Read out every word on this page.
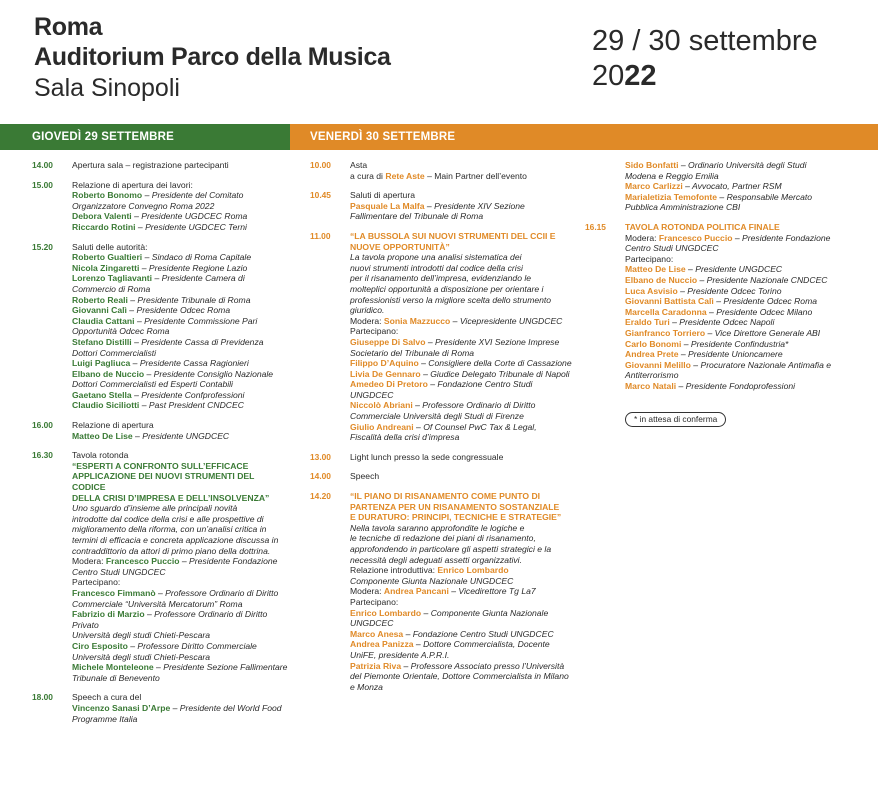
Roma
Auditorium Parco della Musica
Sala Sinopoli
29 / 30 settembre
2022
GIOVEDÌ 29 SETTEMBRE	VENERDÌ 30 SETTEMBRE
14.00 Apertura sala – registrazione partecipanti
15.00 Relazione di apertura dei lavori:
Roberto Bonomo – Presidente del Comitato
Organizzatore Convegno Roma 2022
Debora Valenti – Presidente UGDCEC Roma
Riccardo Rotini – Presidente UGDCEC Terni
15.20 Saluti delle autorità:
Roberto Gualtieri – Sindaco di Roma Capitale
Nicola Zingaretti – Presidente Regione Lazio
Lorenzo Tagliavanti – Presidente Camera di
Commercio di Roma
Roberto Reali – Presidente Tribunale di Roma
Giovanni Calì – Presidente Odcec Roma
Claudia Cattani – Presidente Commissione Pari
Opportunità Odcec Roma
Stefano Distilli – Presidente Cassa di Previdenza
Dottori Commercialisti
Luigi Pagliuca – Presidente Cassa Ragionieri
Elbano de Nuccio – Presidente Consiglio Nazionale
Dottori Commercialisti ed Esperti Contabili
Gaetano Stella – Presidente Confprofessioni
Claudio Siciliotti – Past President CNDCEC
16.00 Relazione di apertura
Matteo De Lise – Presidente UNGDCEC
16.30 Tavola rotonda
“ESPERTI A CONFRONTO SULL’EFFICACE
APPLICAZIONE DEI NUOVI STRUMENTI DEL CODICE
DELLA CRISI D’IMPRESA E DELL’INSOLVENZA”
Uno sguardo d’insieme alle principali novità
introdotte dal codice della crisi e alle prospettive di
miglioramento della riforma, con un’analisi critica in
termini di efficacia e concreta applicazione discussa in
contraddittorio da attori di primo piano della dottrina.
Modera: Francesco Puccio – Presidente Fondazione
Centro Studi UNGDCEC
Partecipano:
Francesco Fimmanò – Professore Ordinario di Diritto
Commerciale “Università Mercatorum” Roma
Fabrizio di Marzio – Professore Ordinario di Diritto Privato
Università degli studi Chieti-Pescara
Ciro Esposito – Professore Diritto Commerciale
Università degli studi Chieti-Pescara
Michele Monteleone – Presidente Sezione Fallimentare
Tribunale di Benevento
18.00 Speech a cura del
Vincenzo Sanasi D’Arpe – Presidente del World Food
Programme Italia
10.00 Asta
a cura di Rete Aste – Main Partner dell’evento
10.45 Saluti di apertura
Pasquale La Malfa – Presidente XIV Sezione
Fallimentare del Tribunale di Roma
11.00 “LA BUSSOLA SUI NUOVI STRUMENTI DEL CCII E
NUOVE OPPORTUNITÀ”
La tavola propone una analisi sistematica dei
nuovi strumenti introdotti dal codice della crisi
per il risanamento dell’impresa, evidenziando le
molteplici opportunità a disposizione per orientare i
professionisti verso la migliore scelta dello strumento
giuridico.
Modera: Sonia Mazzucco – Vicepresidente UNGDCEC
Partecipano:
Giuseppe Di Salvo – Presidente XVI Sezione Imprese
Societario del Tribunale di Roma
Filippo D’Aquino – Consigliere della Corte di Cassazione
Livia De Gennaro – Giudice Delegato Tribunale di Napoli
Amedeo Di Pretoro – Fondazione Centro Studi
UNGDCEC
Niccolò Abriani – Professore Ordinario di Diritto
Commerciale Università degli Studi di Firenze
Giulio Andreani – Of Counsel PwC Tax & Legal,
Fiscalità della crisi d’impresa
13.00 Light lunch presso la sede congressuale
14.00 Speech
14.20 “IL PIANO DI RISANAMENTO COME PUNTO DI
PARTENZA PER UN RISANAMENTO SOSTANZIALE
E DURATURO: PRINCIPI, TECNICHE E STRATEGIE”
Nella tavola saranno approfondite le logiche e
le tecniche di redazione dei piani di risanamento,
approfondendo in particolare gli aspetti strategici e la
necessità degli adeguati assetti organizzativi.
Relazione introduttiva: Enrico Lombardo
Componente Giunta Nazionale UNGDCEC
Modera: Andrea Pancani – Vicedirettore Tg La7
Partecipano:
Enrico Lombardo – Componente Giunta Nazionale
UNGDCEC
Marco Anesa – Fondazione Centro Studi UNGDCEC
Andrea Panizza – Dottore Commercialista, Docente
UniFE, presidente A.P.R.I.
Patrizia Riva – Professore Associato presso l’Università
del Piemonte Orientale, Dottore Commercialista in Milano
e Monza
Sido Bonfatti – Ordinario Università degli Studi
Modena e Reggio Emilia
Marco Carlizzi – Avvocato, Partner RSM
Marialetizia Temofonte – Responsabile Mercato
Pubblica Amministrazione CBI
16.15 TAVOLA ROTONDA POLITICA FINALE
Modera: Francesco Puccio – Presidente Fondazione
Centro Studi UNGDCEC
Partecipano:
Matteo De Lise – Presidente UNGDCEC
Elbano de Nuccio – Presidente Nazionale CNDCEC
Luca Asvisio – Presidente Odcec Torino
Giovanni Battista Calì – Presidente Odcec Roma
Marcella Caradonna – Presidente Odcec Milano
Eraldo Turi – Presidente Odcec Napoli
Gianfranco Torriero – Vice Direttore Generale ABI
Carlo Bonomi – Presidente Confindustria*
Andrea Prete – Presidente Unioncamere
Giovanni Melillo – Procuratore Nazionale Antimafia e
Antiterrorismo
Marco Natali – Presidente Fondoprofessioni
* in attesa di conferma
